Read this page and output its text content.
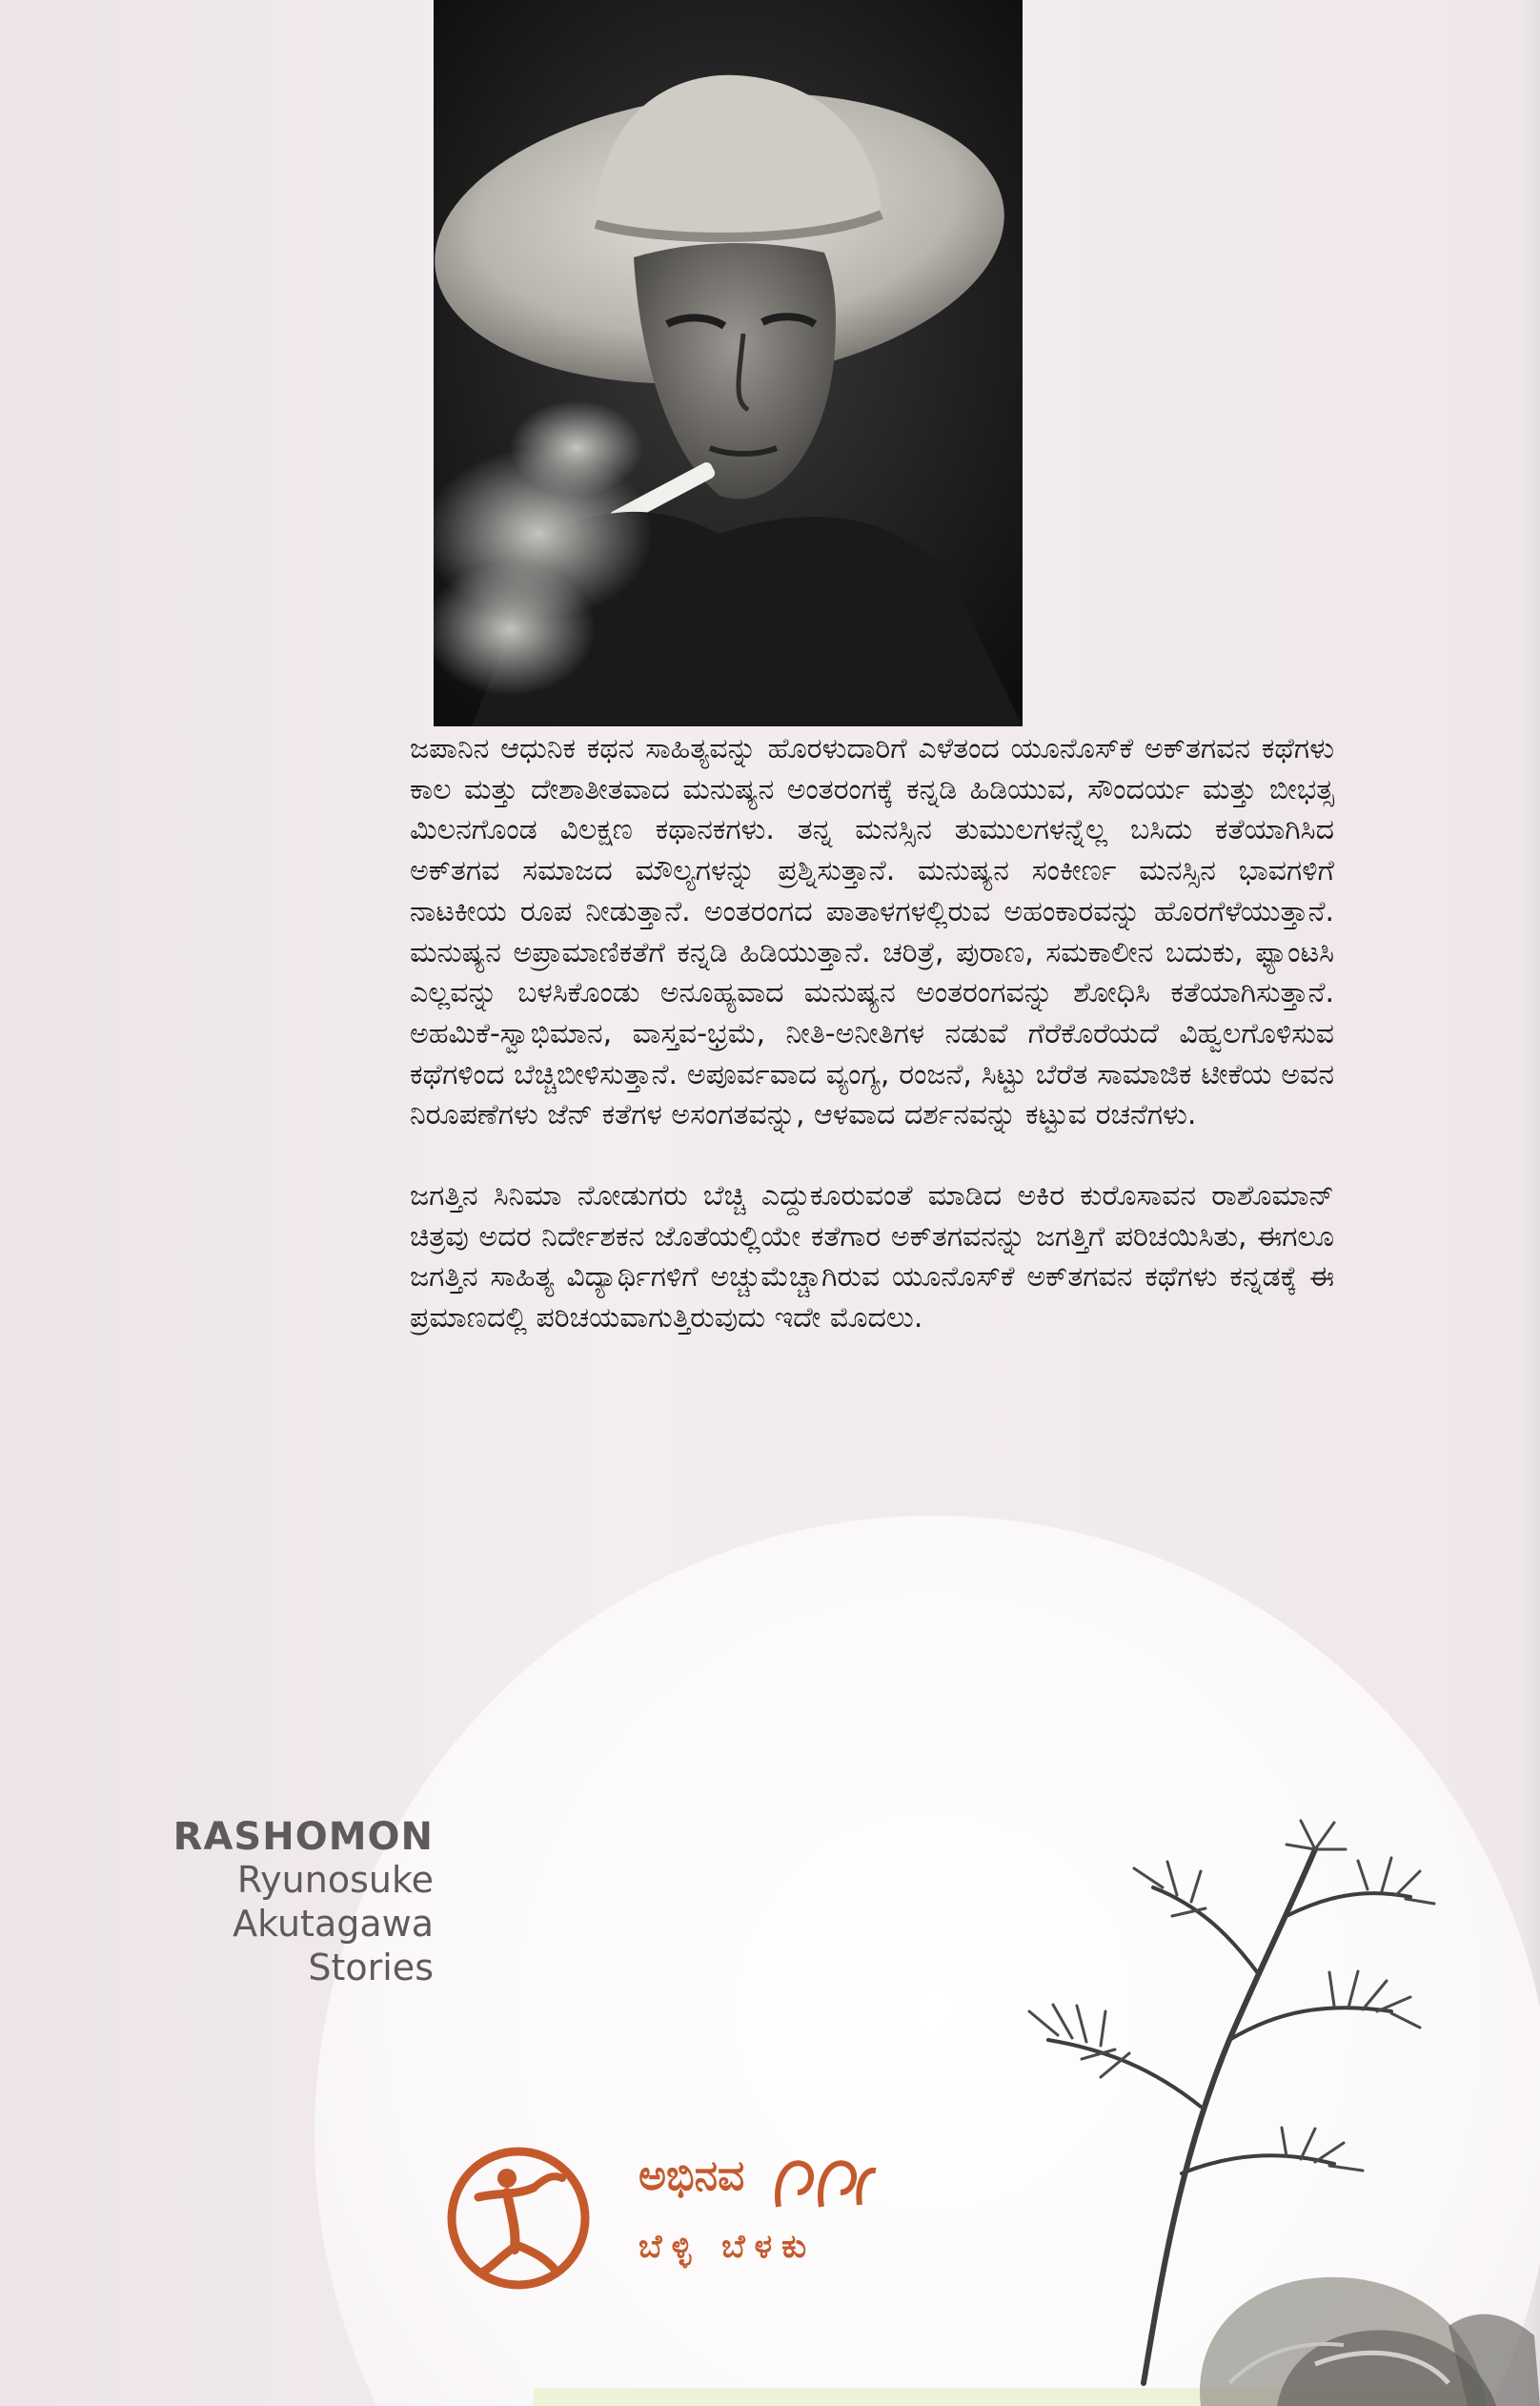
ಜಪಾನಿನ ಆಧುನಿಕ ಕಥನ ಸಾಹಿತ್ಯವನ್ನು ಹೊರಳುದಾರಿಗೆ ಎಳೆತಂದ ಯೂನೊಸ್‌ಕೆ ಅಕ್‌ತಗವನ ಕಥೆಗಳು ಕಾಲ ಮತ್ತು ದೇಶಾತೀತವಾದ ಮನುಷ್ಯನ ಅಂತರಂಗಕ್ಕೆ ಕನ್ನಡಿ ಹಿಡಿಯುವ, ಸೌಂದರ್ಯ ಮತ್ತು ಬೀಭತ್ಸ ಮಿಲನಗೊಂಡ ವಿಲಕ್ಷಣ ಕಥಾನಕಗಳು. ತನ್ನ ಮನಸ್ಸಿನ ತುಮುಲಗಳನ್ನೆಲ್ಲ ಬಸಿದು ಕತೆಯಾಗಿಸಿದ ಅಕ್‌ತಗವ ಸಮಾಜದ ಮೌಲ್ಯಗಳನ್ನು ಪ್ರಶ್ನಿಸುತ್ತಾನೆ. ಮನುಷ್ಯನ ಸಂಕೀರ್ಣ ಮನಸ್ಸಿನ ಭಾವಗಳಿಗೆ ನಾಟಕೀಯ ರೂಪ ನೀಡುತ್ತಾನೆ. ಅಂತರಂಗದ ಪಾತಾಳಗಳಲ್ಲಿರುವ ಅಹಂಕಾರವನ್ನು ಹೊರಗೆಳೆಯುತ್ತಾನೆ. ಮನುಷ್ಯನ ಅಪ್ರಾಮಾಣಿಕತೆಗೆ ಕನ್ನಡಿ ಹಿಡಿಯುತ್ತಾನೆ. ಚರಿತ್ರೆ, ಪುರಾಣ, ಸಮಕಾಲೀನ ಬದುಕು, ಫ್ಯಾಂಟಸಿ ಎಲ್ಲವನ್ನು ಬಳಸಿಕೊಂಡು ಅನೂಹ್ಯವಾದ ಮನುಷ್ಯನ ಅಂತರಂಗವನ್ನು ಶೋಧಿಸಿ ಕತೆಯಾಗಿಸುತ್ತಾನೆ. ಅಹಮಿಕೆ-ಸ್ವಾಭಿಮಾನ, ವಾಸ್ತವ-ಭ್ರಮೆ, ನೀತಿ-ಅನೀತಿಗಳ ನಡುವೆ ಗೆರೆಕೊರೆಯದೆ ವಿಹ್ವಲಗೊಳಿಸುವ ಕಥೆಗಳಿಂದ ಬೆಚ್ಚಿಬೀಳಿಸುತ್ತಾನೆ. ಅಪೂರ್ವವಾದ ವ್ಯಂಗ್ಯ, ರಂಜನೆ, ಸಿಟ್ಟು ಬೆರೆತ ಸಾಮಾಜಿಕ ಟೀಕೆಯ ಅವನ ನಿರೂಪಣೆಗಳು ಜೆನ್ ಕತೆಗಳ ಅಸಂಗತವನ್ನು, ಆಳವಾದ ದರ್ಶನವನ್ನು ಕಟ್ಟುವ ರಚನೆಗಳು.

ಜಗತ್ತಿನ ಸಿನಿಮಾ ನೋಡುಗರು ಬೆಚ್ಚಿ ಎದ್ದುಕೂರುವಂತೆ ಮಾಡಿದ ಅಕಿರ ಕುರೊಸಾವನ ರಾಶೊಮಾನ್ ಚಿತ್ರವು ಅದರ ನಿರ್ದೇಶಕನ ಜೊತೆಯಲ್ಲಿಯೇ ಕತೆಗಾರ ಅಕ್‌ತಗವನನ್ನು ಜಗತ್ತಿಗೆ ಪರಿಚಯಿಸಿತು, ಈಗಲೂ ಜಗತ್ತಿನ ಸಾಹಿತ್ಯ ವಿದ್ಯಾರ್ಥಿಗಳಿಗೆ ಅಚ್ಚುಮೆಚ್ಚಾಗಿರುವ ಯೂನೊಸ್‌ಕೆ ಅಕ್‌ತಗವನ ಕಥೆಗಳು ಕನ್ನಡಕ್ಕೆ ಈ ಪ್ರಮಾಣದಲ್ಲಿ ಪರಿಚಯವಾಗುತ್ತಿರುವುದು ಇದೇ ಮೊದಲು.

RASHOMON
Ryunosuke
Akutagawa
Stories
ಅಭಿನವ
ಬೆಳ್ಳಿ ಬೆಳಕು
